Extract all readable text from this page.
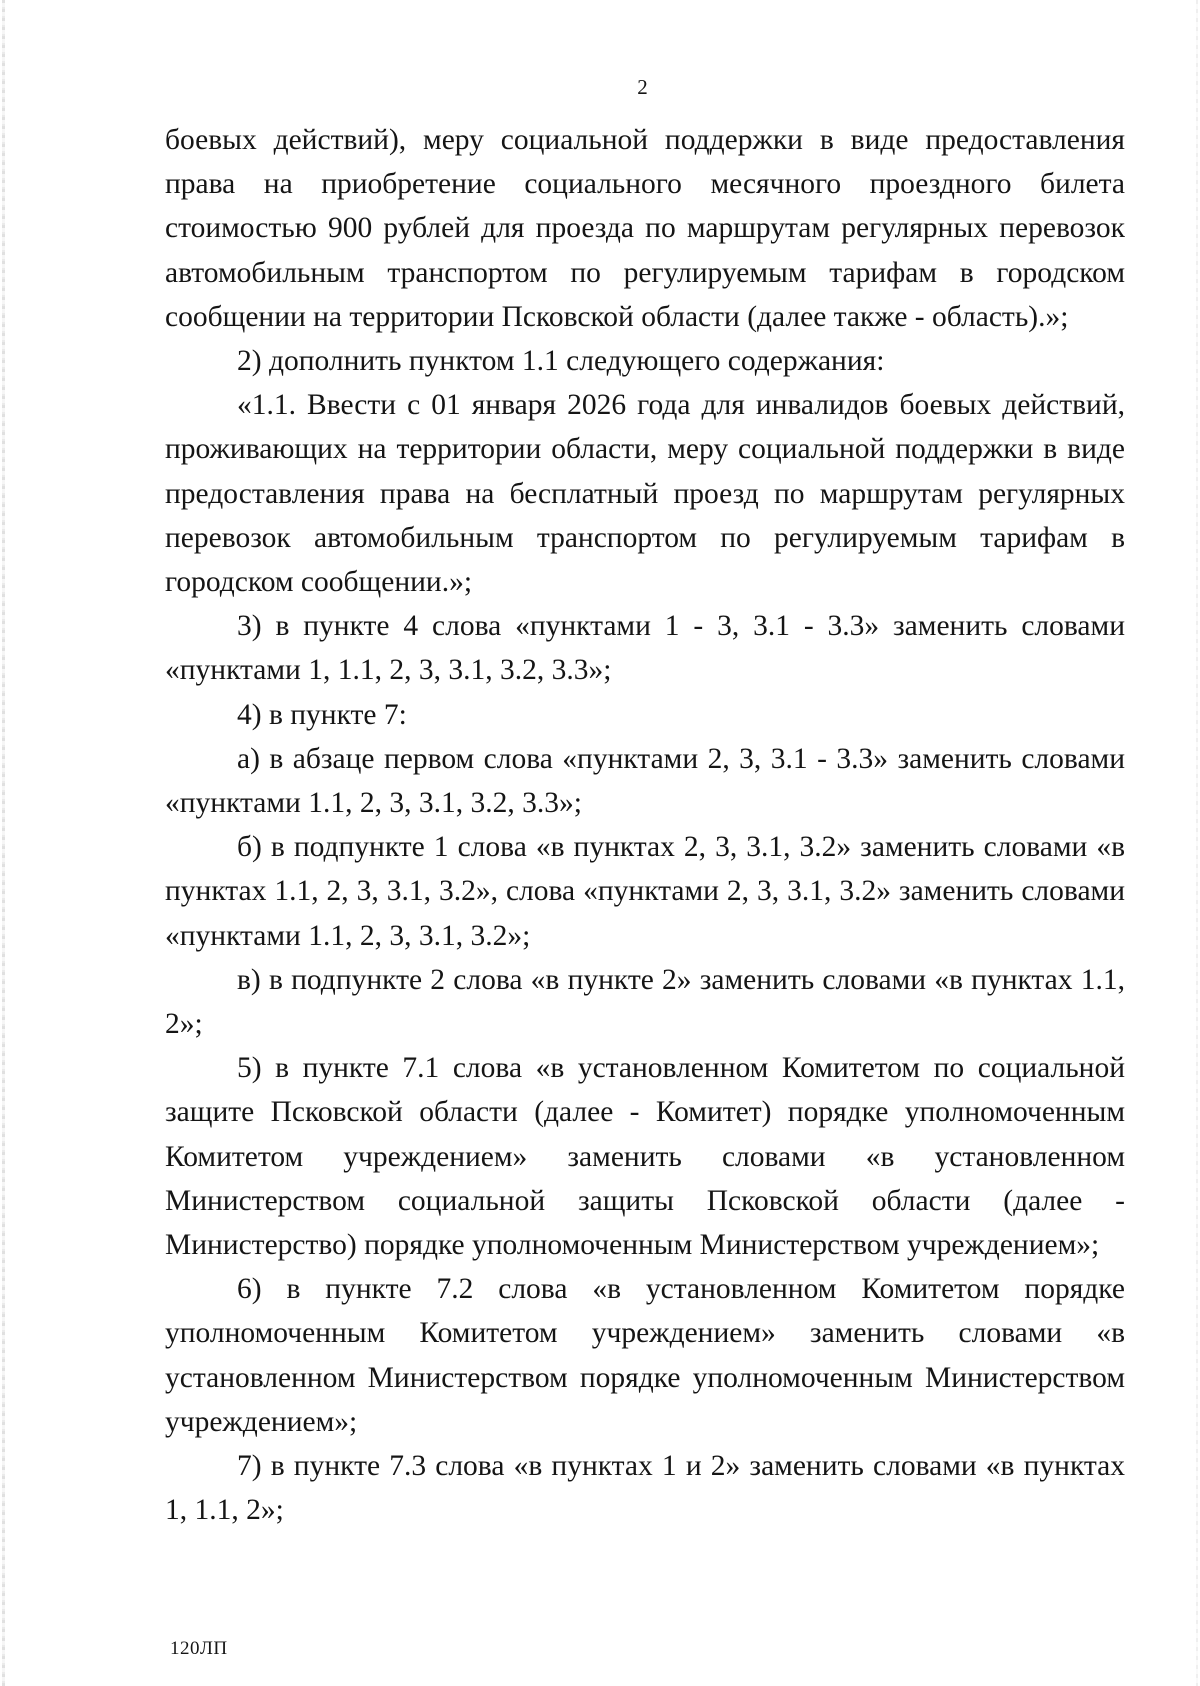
2

боевых действий), меру социальной поддержки в виде предоставления права на приобретение социального месячного проездного билета стоимостью 900 рублей для проезда по маршрутам регулярных перевозок автомобильным транспортом по регулируемым тарифам в городском сообщении на территории Псковской области (далее также - область).»;

2) дополнить пунктом 1.1 следующего содержания:

«1.1. Ввести с 01 января 2026 года для инвалидов боевых действий, проживающих на территории области, меру социальной поддержки в виде предоставления права на бесплатный проезд по маршрутам регулярных перевозок автомобильным транспортом по регулируемым тарифам в городском сообщении.»;

3) в пункте 4 слова «пунктами 1 - 3, 3.1 - 3.3» заменить словами «пунктами 1, 1.1, 2, 3, 3.1, 3.2, 3.3»;

4) в пункте 7:

а) в абзаце первом слова «пунктами 2, 3, 3.1 - 3.3» заменить словами «пунктами 1.1, 2, 3, 3.1, 3.2, 3.3»;

б) в подпункте 1 слова «в пунктах 2, 3, 3.1, 3.2» заменить словами «в пунктах 1.1, 2, 3, 3.1, 3.2», слова «пунктами 2, 3, 3.1, 3.2» заменить словами «пунктами 1.1, 2, 3, 3.1, 3.2»;

в) в подпункте 2 слова «в пункте 2» заменить словами «в пунктах 1.1, 2»;

5) в пункте 7.1 слова «в установленном Комитетом по социальной защите Псковской области (далее - Комитет) порядке уполномоченным Комитетом учреждением» заменить словами «в установленном Министерством социальной защиты Псковской области (далее - Министерство) порядке уполномоченным Министерством учреждением»;

6) в пункте 7.2 слова «в установленном Комитетом порядке уполномоченным Комитетом учреждением» заменить словами «в установленном Министерством порядке уполномоченным Министерством учреждением»;

7) в пункте 7.3 слова «в пунктах 1 и 2» заменить словами «в пунктах 1, 1.1, 2»;

120ЛП
